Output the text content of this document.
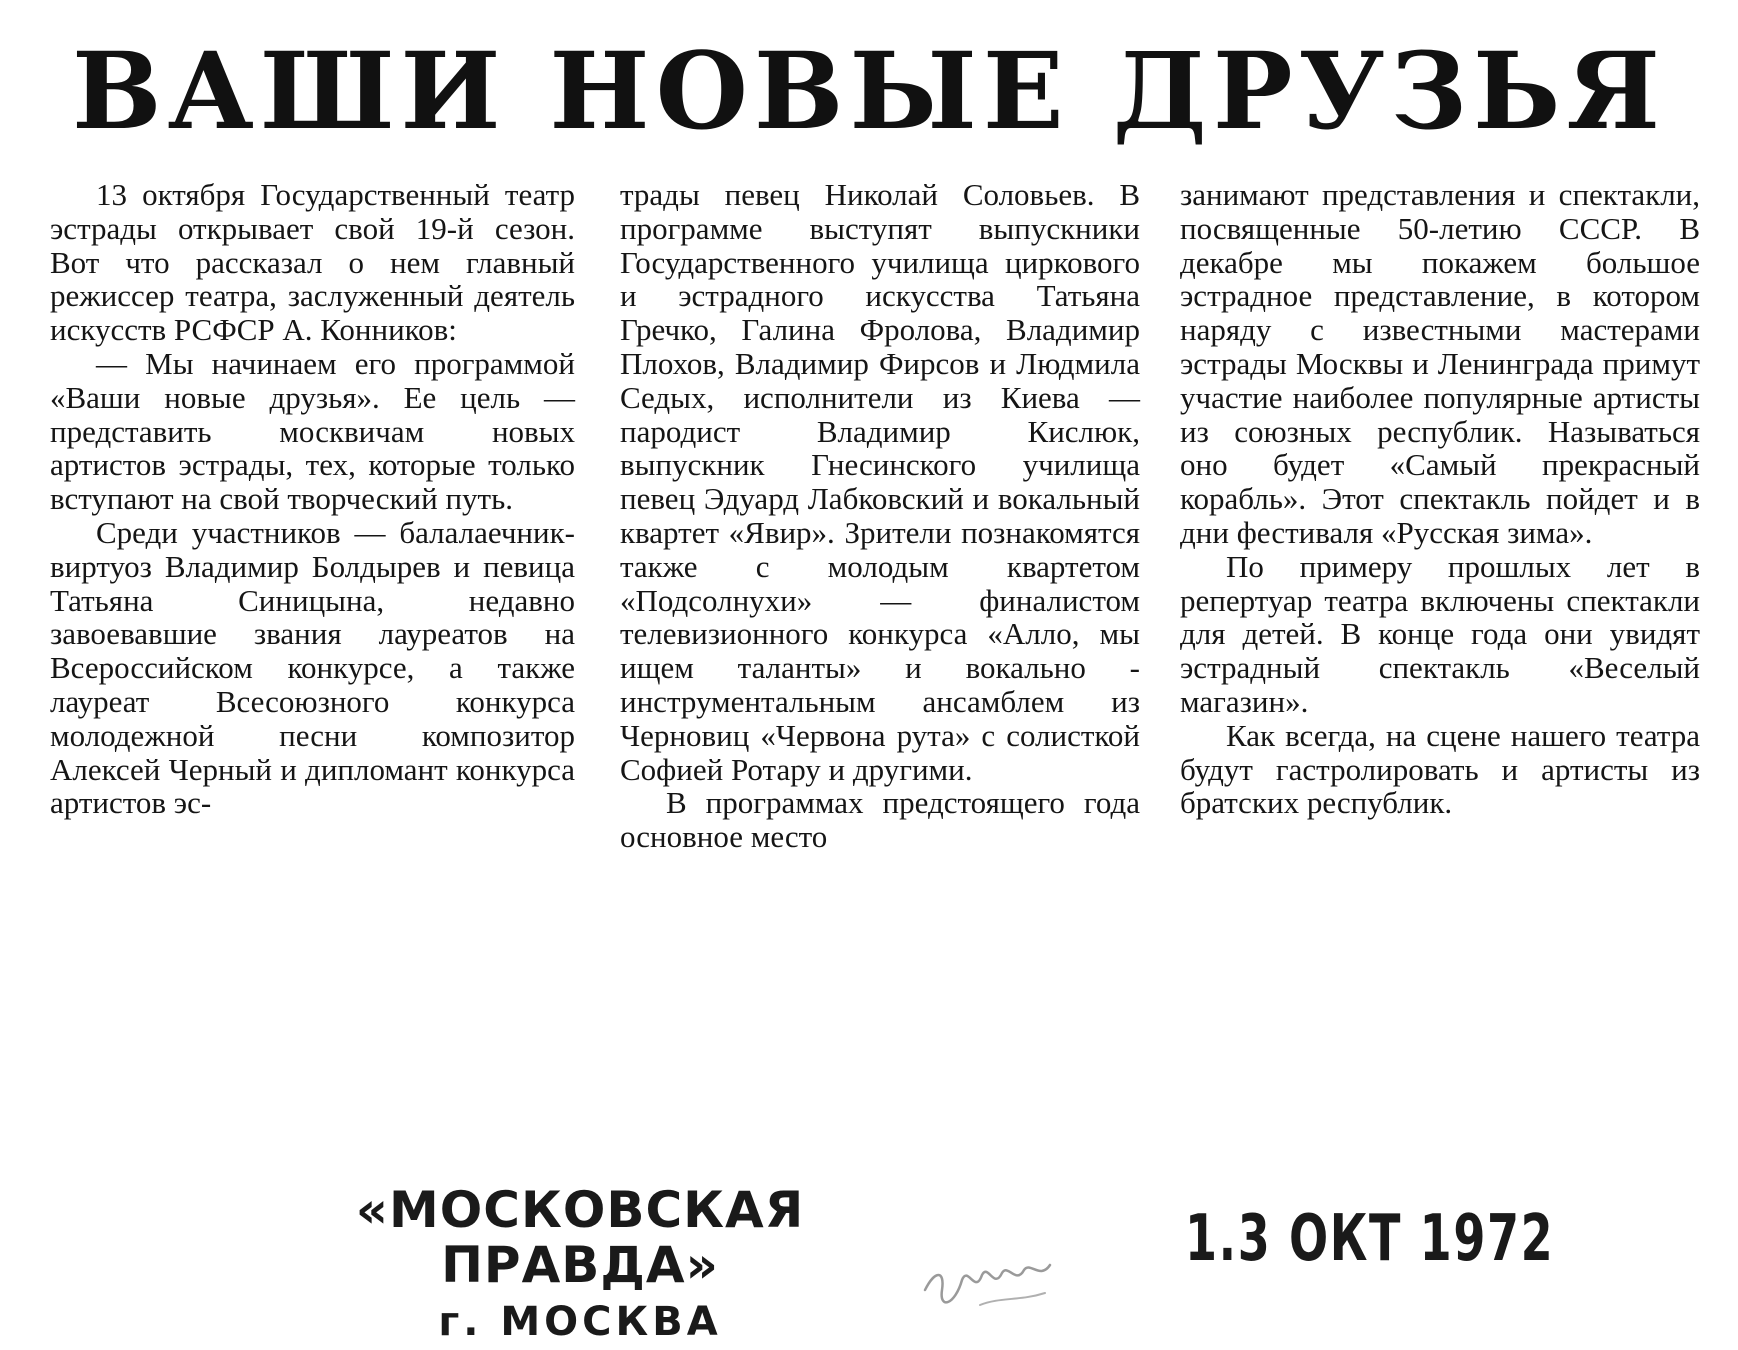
ВАШИ НОВЫЕ ДРУЗЬЯ

13 октября Государственный театр эстрады открывает свой 19-й сезон. Вот что рассказал о нем главный режиссер театра, заслуженный деятель искусств РСФСР А. Конников:

— Мы начинаем его программой «Ваши новые друзья». Ее цель — представить москвичам новых артистов эстрады, тех, которые только вступают на свой творческий путь.

Среди участников — балалаечник-виртуоз Владимир Болдырев и певица Татьяна Синицына, недавно завоевавшие звания лауреатов на Всероссийском конкурсе, а также лауреат Всесоюзного конкурса молодежной песни композитор Алексей Черный и дипломант конкурса артистов эс-

трады певец Николай Соловьев. В программе выступят выпускники Государственного училища циркового и эстрадного искусства Татьяна Гречко, Галина Фролова, Владимир Плохов, Владимир Фирсов и Людмила Седых, исполнители из Киева — пародист Владимир Кислюк, выпускник Гнесинского училища певец Эдуард Лабковский и вокальный квартет «Явир». Зрители познакомятся также с молодым квартетом «Подсолнухи» — финалистом телевизионного конкурса «Алло, мы ищем таланты» и вокально - инструментальным ансамблем из Черновиц «Червона рута» с солисткой Софией Ротару и другими.

В программах предстоящего года основное место

занимают представления и спектакли, посвященные 50-летию СССР. В декабре мы покажем большое эстрадное представление, в котором наряду с известными мастерами эстрады Москвы и Ленинграда примут участие наиболее популярные артисты из союзных республик. Называться оно будет «Самый прекрасный корабль». Этот спектакль пойдет и в дни фестиваля «Русская зима».

По примеру прошлых лет в репертуар театра включены спектакли для детей. В конце года они увидят эстрадный спектакль «Веселый магазин».

Как всегда, на сцене нашего театра будут гастролировать и артисты из братских республик.

«МОСКОВСКАЯ ПРАВДА»
г. МОСКВА
1.3 ОКТ 1972
